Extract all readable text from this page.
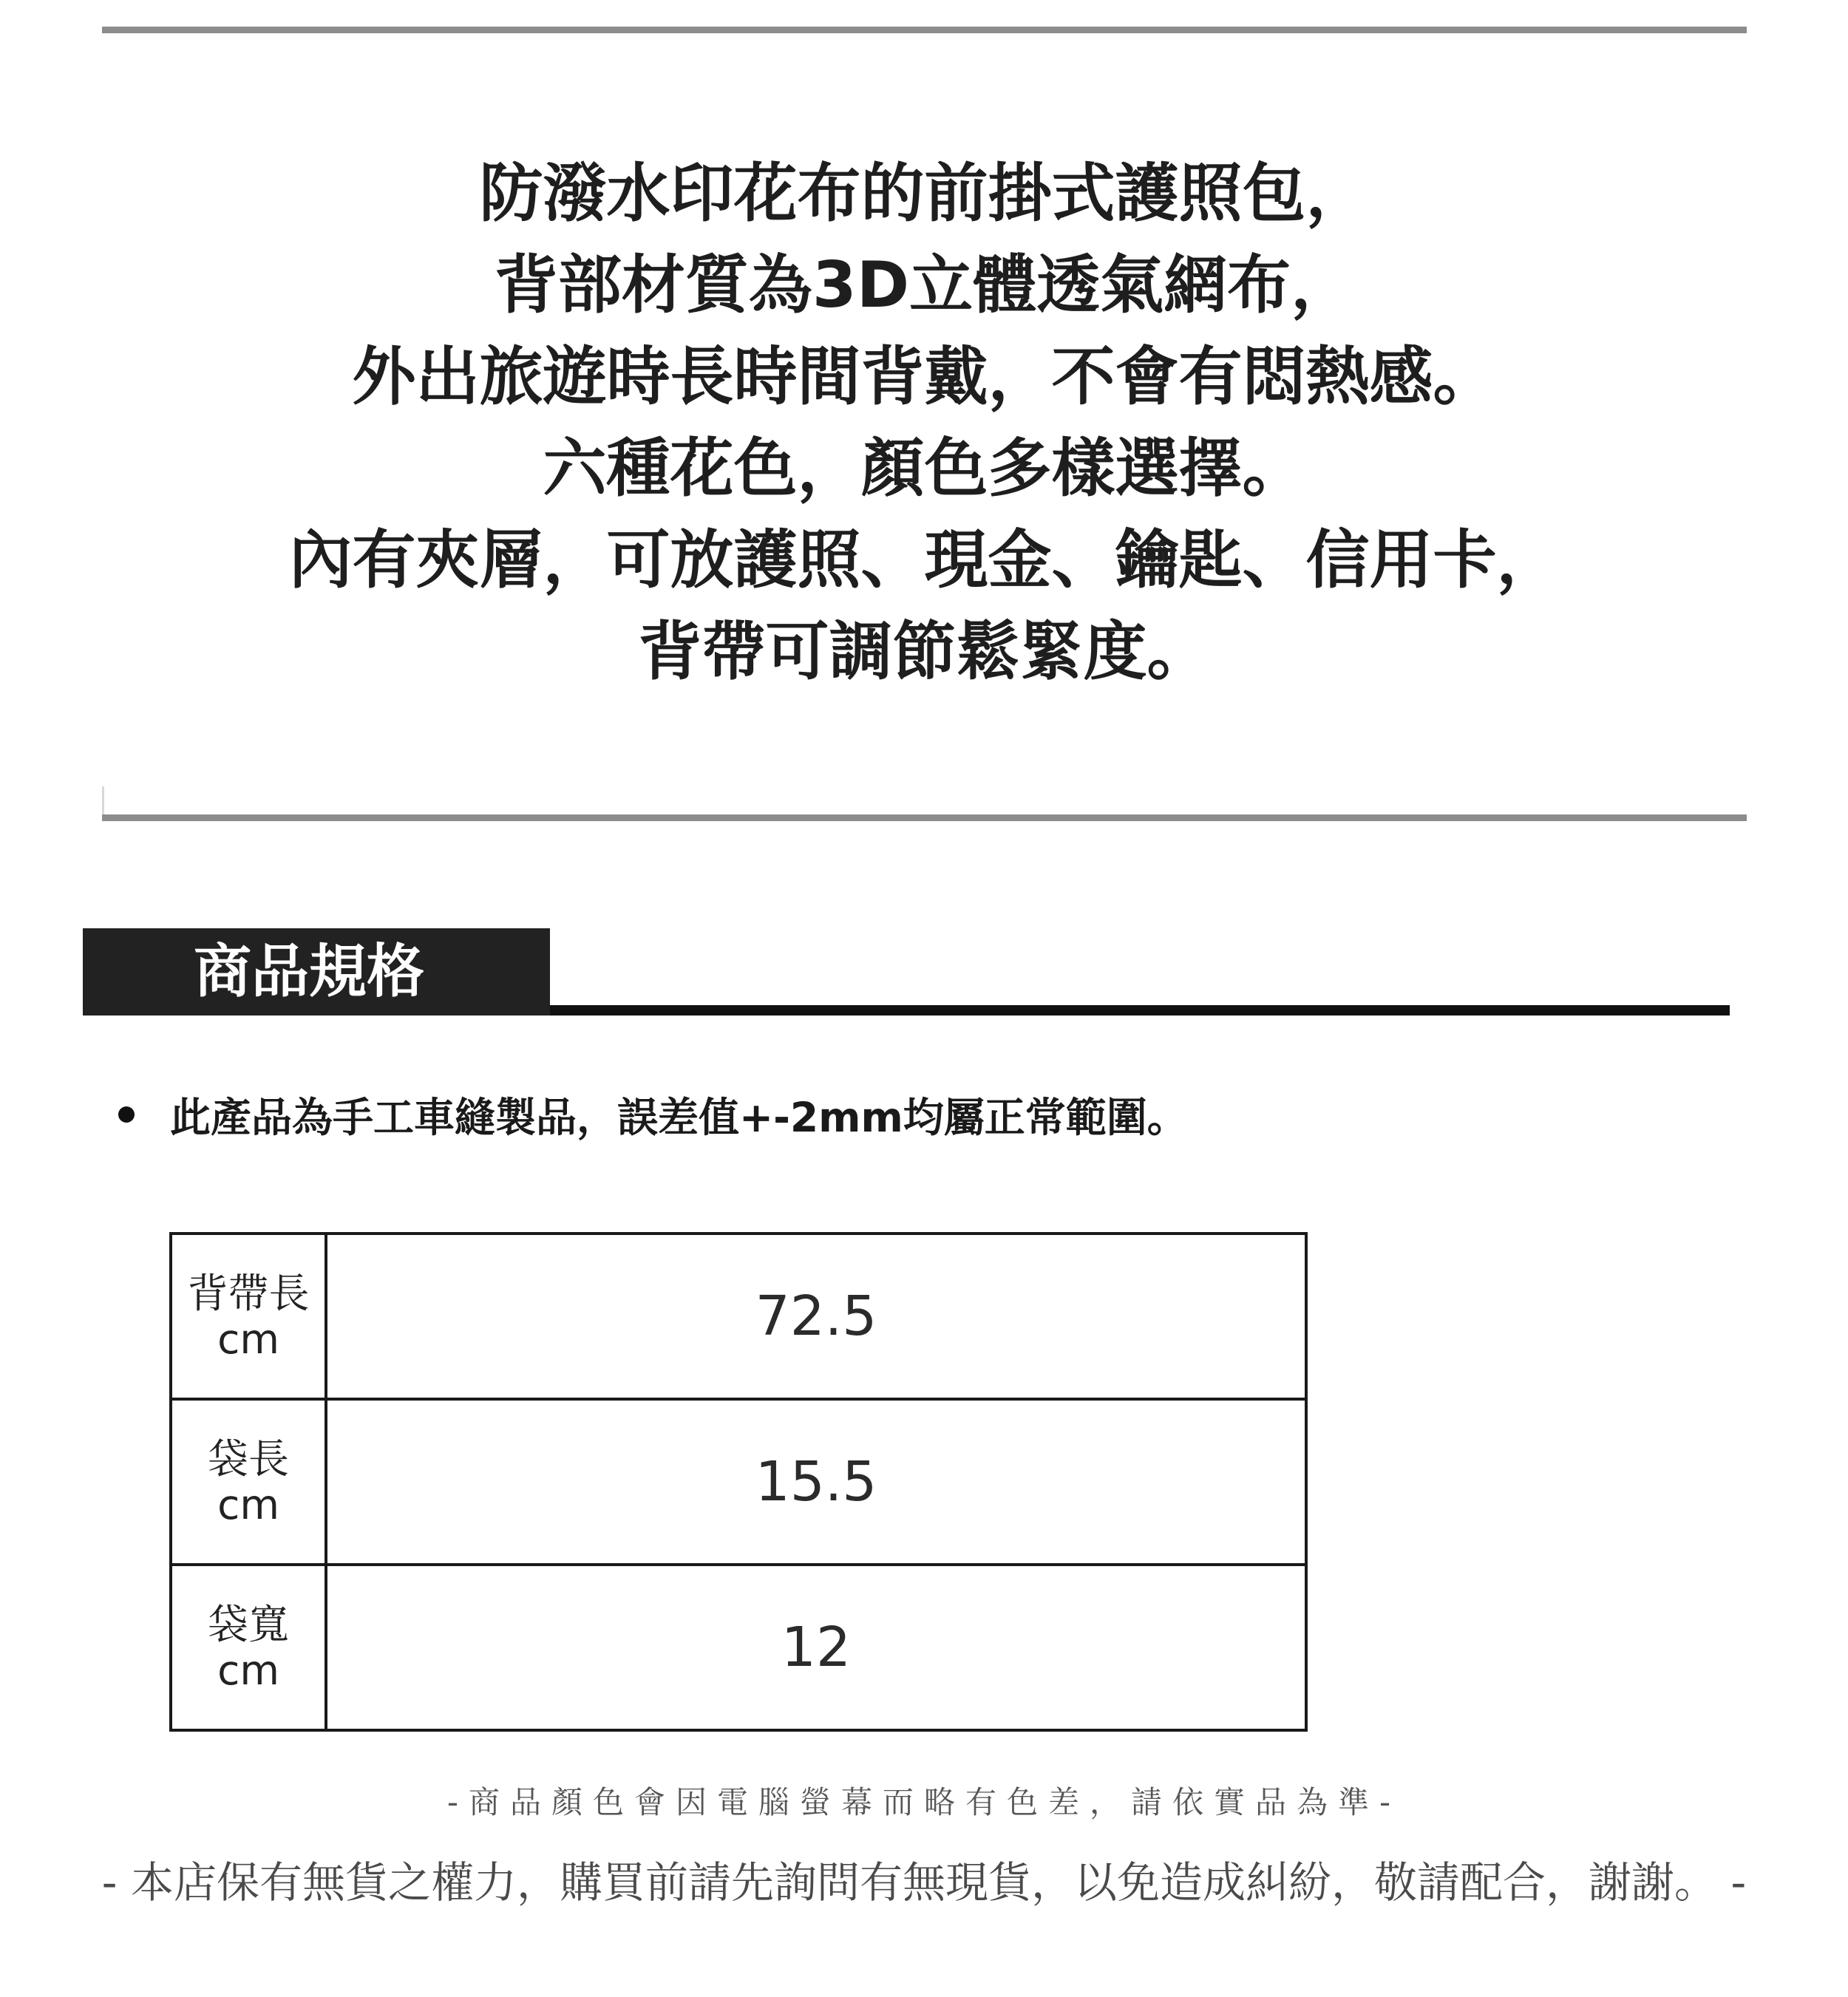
防潑水印花布的前掛式護照包，
背部材質為3D立體透氣網布，
外出旅遊時長時間背戴，不會有悶熱感。
六種花色，顏色多樣選擇。
內有夾層，可放護照、現金、鑰匙、信用卡，
背帶可調節鬆緊度。
商品規格
此產品為手工車縫製品，誤差值+-2mm均屬正常範圍。
背帶長
cm	72.5

袋長
cm	15.5

袋寬
cm	12
-商品顏色會因電腦螢幕而略有色差，請依實品為準-
- 本店保有無貨之權力，購買前請先詢問有無現貨，以免造成糾紛，敬請配合，謝謝。 -
